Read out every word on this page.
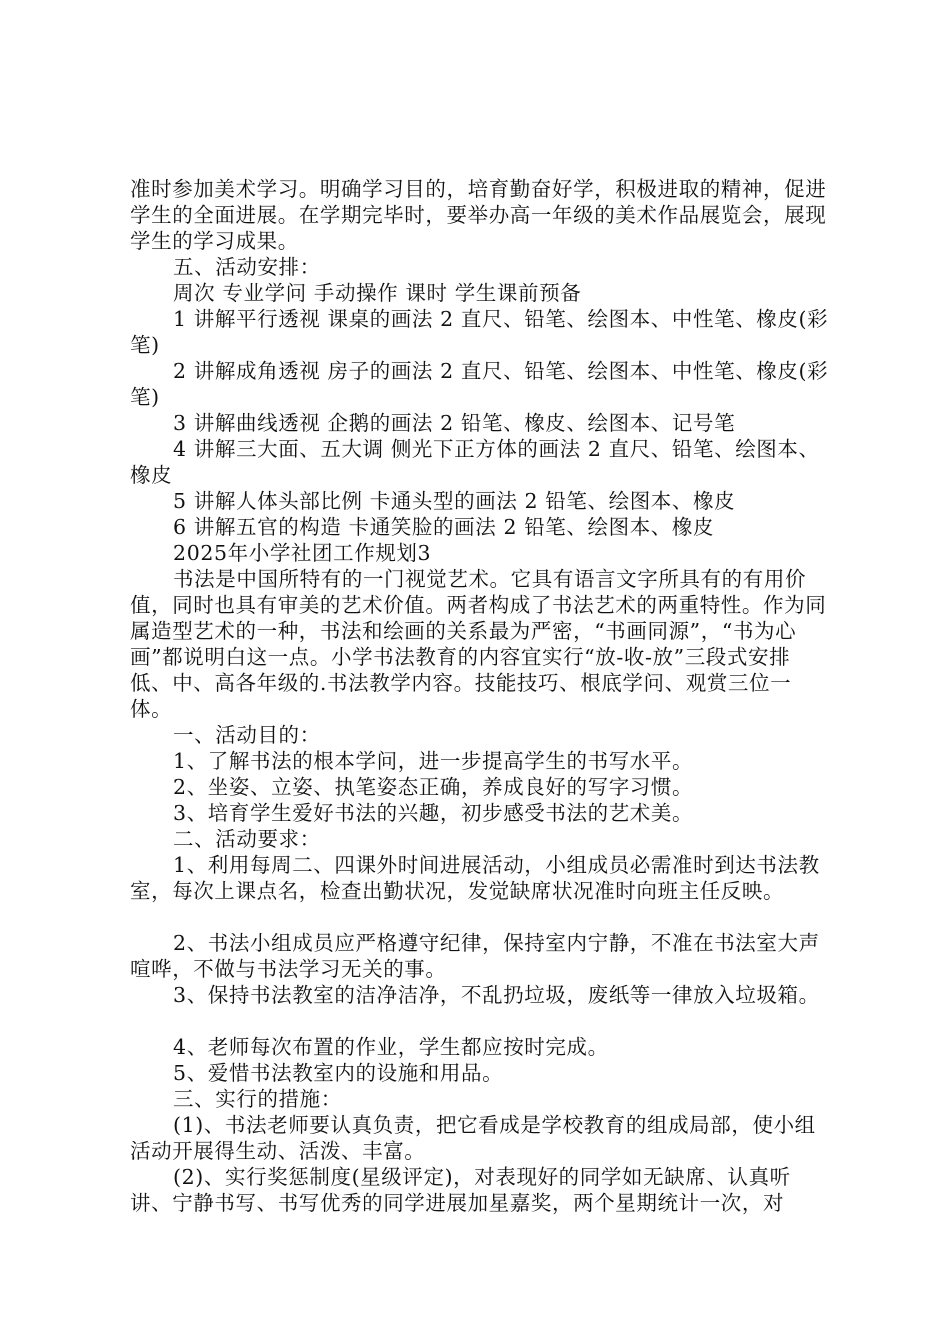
准时参加美术学习。明确学习目的，培育勤奋好学，积极进取的精神，促进学生的全面进展。在学期完毕时，要举办高一年级的美术作品展览会，展现学生的学习成果。

五、活动安排：

周次 专业学问 手动操作 课时 学生课前预备

1 讲解平行透视 课桌的画法 2 直尺、铅笔、绘图本、中性笔、橡皮(彩笔)

2 讲解成角透视 房子的画法 2 直尺、铅笔、绘图本、中性笔、橡皮(彩笔)

3 讲解曲线透视 企鹅的画法 2 铅笔、橡皮、绘图本、记号笔

4 讲解三大面、五大调 侧光下正方体的画法 2 直尺、铅笔、绘图本、橡皮

5 讲解人体头部比例 卡通头型的画法 2 铅笔、绘图本、橡皮

6 讲解五官的构造 卡通笑脸的画法 2 铅笔、绘图本、橡皮

2025年小学社团工作规划3

书法是中国所特有的一门视觉艺术。它具有语言文字所具有的有用价值，同时也具有审美的艺术价值。两者构成了书法艺术的两重特性。作为同属造型艺术的一种，书法和绘画的关系最为严密，“书画同源”，“书为心画”都说明白这一点。小学书法教育的内容宜实行“放-收-放”三段式安排低、中、高各年级的.书法教学内容。技能技巧、根底学问、观赏三位一体。

一、活动目的：

1、了解书法的根本学问，进一步提高学生的书写水平。

2、坐姿、立姿、执笔姿态正确，养成良好的写字习惯。

3、培育学生爱好书法的兴趣，初步感受书法的艺术美。

二、活动要求：

1、利用每周二、四课外时间进展活动，小组成员必需准时到达书法教室，每次上课点名，检查出勤状况，发觉缺席状况准时向班主任反映。

2、书法小组成员应严格遵守纪律，保持室内宁静，不准在书法室大声喧哗，不做与书法学习无关的事。

3、保持书法教室的洁净洁净，不乱扔垃圾，废纸等一律放入垃圾箱。

4、老师每次布置的作业，学生都应按时完成。

5、爱惜书法教室内的设施和用品。

三、实行的措施：

(1)、书法老师要认真负责，把它看成是学校教育的组成局部，使小组活动开展得生动、活泼、丰富。

(2)、实行奖惩制度(星级评定)，对表现好的同学如无缺席、认真听讲、宁静书写、书写优秀的同学进展加星嘉奖，两个星期统计一次，对
